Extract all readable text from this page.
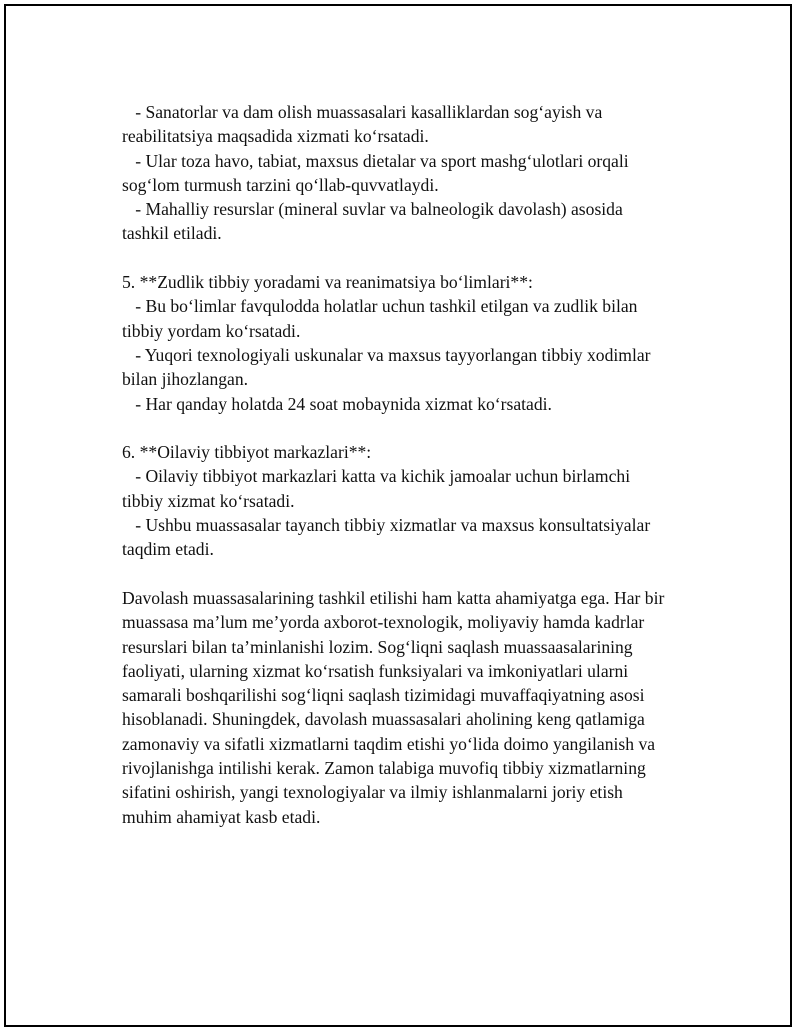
- Sanatorlar va dam olish muassasalari kasalliklardan sog‘ayish va
reabilitatsiya maqsadida xizmati ko‘rsatadi.
- Ular toza havo, tabiat, maxsus dietalar va sport mashg‘ulotlari orqali
sog‘lom turmush tarzini qo‘llab-quvvatlaydi.
- Mahalliy resurslar (mineral suvlar va balneologik davolash) asosida
tashkil etiladi.
5. **Zudlik tibbiy yoradami va reanimatsiya bo‘limlari**:
- Bu bo‘limlar favqulodda holatlar uchun tashkil etilgan va zudlik bilan
tibbiy yordam ko‘rsatadi.
- Yuqori texnologiyali uskunalar va maxsus tayyorlangan tibbiy xodimlar
bilan jihozlangan.
- Har qanday holatda 24 soat mobaynida xizmat ko‘rsatadi.
6. **Oilaviy tibbiyot markazlari**:
- Oilaviy tibbiyot markazlari katta va kichik jamoalar uchun birlamchi
tibbiy xizmat ko‘rsatadi.
- Ushbu muassasalar tayanch tibbiy xizmatlar va maxsus konsultatsiyalar
taqdim etadi.
Davolash muassasalarining tashkil etilishi ham katta ahamiyatga ega. Har bir
muassasa ma’lum me’yorda axborot-texnologik, moliyaviy hamda kadrlar
resurslari bilan ta’minlanishi lozim. Sog‘liqni saqlash muassaasalarining
faoliyati, ularning xizmat ko‘rsatish funksiyalari va imkoniyatlari ularni
samarali boshqarilishi sog‘liqni saqlash tizimidagi muvaffaqiyatning asosi
hisoblanadi. Shuningdek, davolash muassasalari aholining keng qatlamiga
zamonaviy va sifatli xizmatlarni taqdim etishi yo‘lida doimo yangilanish va
rivojlanishga intilishi kerak. Zamon talabiga muvofiq tibbiy xizmatlarning
sifatini oshirish, yangi texnologiyalar va ilmiy ishlanmalarni joriy etish
muhim ahamiyat kasb etadi.
